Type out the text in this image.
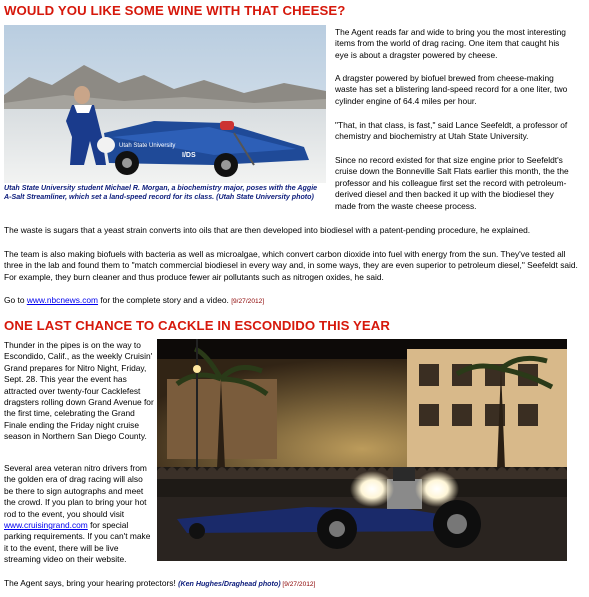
WOULD YOU LIKE SOME WINE WITH THAT CHEESE?
Utah State University
I/DS

Utah State University student Michael R. Morgan, a biochemistry major, poses with the Aggie A-Salt Streamliner, which set a land-speed record for its class. (Utah State University photo)

The Agent reads far and wide to bring you the most interesting items from the world of drag racing. One item that caught his eye is about a dragster powered by cheese.

A dragster powered by biofuel brewed from cheese-making waste has set a blistering land-speed record for a one liter, two cylinder engine of 64.4 miles per hour.

"That, in that class, is fast," said Lance Seefeldt, a professor of chemistry and biochemistry at Utah State University.

Since no record existed for that size engine prior to Seefeldt's cruise down the Bonneville Salt Flats earlier this month, the the professor and his colleague first set the record with petroleum-derived diesel and then backed it up with the biodiesel they made from the waste cheese process.

The waste is sugars that a yeast strain converts into oils that are then developed into biodiesel with a patent-pending procedure, he explained.

The team is also making biofuels with bacteria as well as microalgae, which convert carbon dioxide into fuel with energy from the sun. They've tested all three in the lab and found them to "match commercial biodiesel in every way and, in some ways, they are even superior to petroleum diesel," Seefeldt said. For example, they burn cleaner and thus produce fewer air pollutants such as nitrogen oxides, he said.

Go to www.nbcnews.com for the complete story and a video. [9/27/2012]

ONE LAST CHANCE TO CACKLE IN ESCONDIDO THIS YEAR

Thunder in the pipes is on the way to Escondido, Calif., as the weekly Cruisin' Grand prepares for Nitro Night, Friday, Sept. 28. This year the event has attracted over twenty-four Cacklefest dragsters rolling down Grand Avenue for the first time, celebrating the Grand Finale ending the Friday night cruise season in Northern San Diego County.

Several area veteran nitro drivers from the golden era of drag racing will also be there to sign autographs and meet the crowd. If you plan to bring your hot rod to the event, you should visit www.cruisingrand.com for special parking requirements. If you can't make it to the event, there will be live streaming video on their website.

The Agent says, bring your hearing protectors! (Ken Hughes/Draghead photo) [9/27/2012]
